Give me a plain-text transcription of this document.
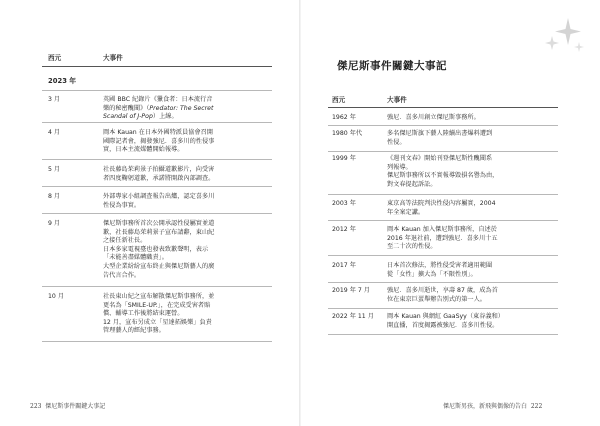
西元	大事件
2023 年
3 月	英國 BBC 紀錄片《獵食者：日本流行音
樂的秘密醜聞》（Predator: The Secret
Scandal of J-Pop）上線。
4 月	岡本 Kauan 在日本外國特派員協會召開
國際記者會，揭發強尼．喜多川的性侵事
實，日本主流媒體開始報導。
5 月	社長藤島茱莉景子拍攝道歉影片，向受害
者四度鞠躬道歉，承諾將開啟內部調查。
8 月	外部專家小組調查報告出爐，認定喜多川
性侵為事實。
9 月	傑尼斯事務所首次公開承認性侵屬實並道
歉，社長藤島茱莉景子宣布請辭，東山紀
之接任新社長。
日本多家電視臺也發表致歉聲明，表示
「未能善盡媒體職責」。
大型企業紛紛宣布終止與傑尼斯藝人的廣
告代言合作。
10 月	社長東山紀之宣布解散傑尼斯事務所，並
更名為「SMILE-UP.」，在完成受害者賠
償、輔導工作後將結束運營。
12 月，宣布另成立「星達拓娛樂」負責
管理藝人的經紀事務。
223 傑尼斯事件關鍵大事記
傑尼斯事件關鍵大事記
西元	大事件
1962 年	強尼．喜多川創立傑尼斯事務所。
1980 年代	多名傑尼斯旗下藝人陸續出書爆料遭到
性侵。
1999 年	《週刊文春》開始刊登傑尼斯性醜聞系
列報導。
傑尼斯事務所以不實報導毀損名譽為由，
對文春提起訴訟。
2003 年	東京高等法院判決性侵內容屬實，2004
年全案定讞。
2012 年	岡本 Kauan 加入傑尼斯事務所，自述於
2016 年退社前，遭到強尼．喜多川十五
至二十次的性侵。
2017 年	日本首次修法，將性侵受害者適用範圍
從「女性」擴大為「不限性別」。
2019 年 7 月	強尼．喜多川逝世，享壽 87 歲，成為首
位在東京巨蛋舉辦告別式的第一人。
2022 年 11 月	岡本 Kauan 與網紅 GaaSyy（東谷義和）
開直播，首度揭露被強尼．喜多川性侵。
傑尼斯男孩，新飛與偶像的告白 222
